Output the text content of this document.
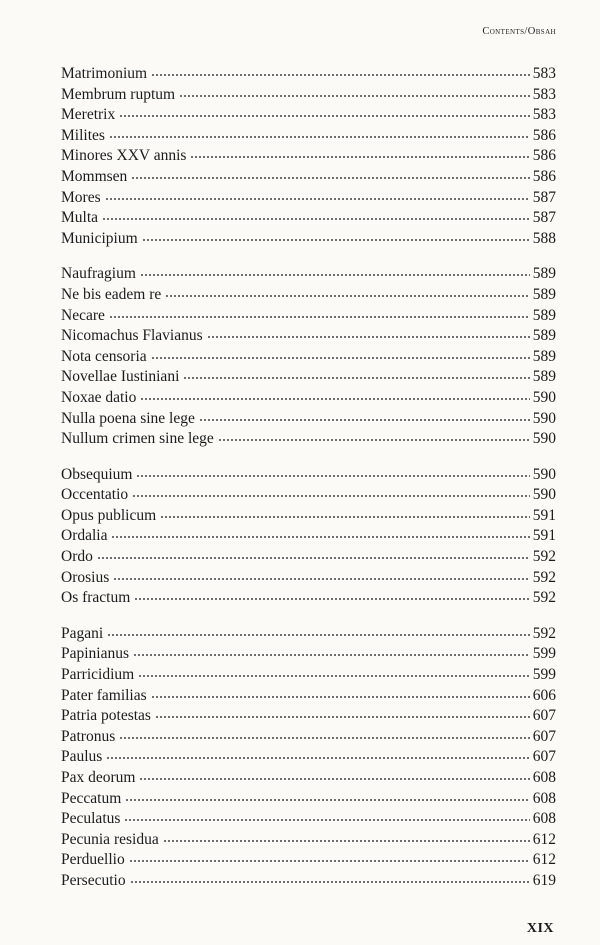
Contents/Obsah
Matrimonium	583
Membrum ruptum	583
Meretrix	583
Milites	586
Minores XXV annis	586
Mommsen	586
Mores	587
Multa	587
Municipium	588
Naufragium	589
Ne bis eadem re	589
Necare	589
Nicomachus Flavianus	589
Nota censoria	589
Novellae Iustiniani	589
Noxae datio	590
Nulla poena sine lege	590
Nullum crimen sine lege	590
Obsequium	590
Occentatio	590
Opus publicum	591
Ordalia	591
Ordo	592
Orosius	592
Os fractum	592
Pagani	592
Papinianus	599
Parricidium	599
Pater familias	606
Patria potestas	607
Patronus	607
Paulus	607
Pax deorum	608
Peccatum	608
Peculatus	608
Pecunia residua	612
Perduellio	612
Persecutio	619
XIX
